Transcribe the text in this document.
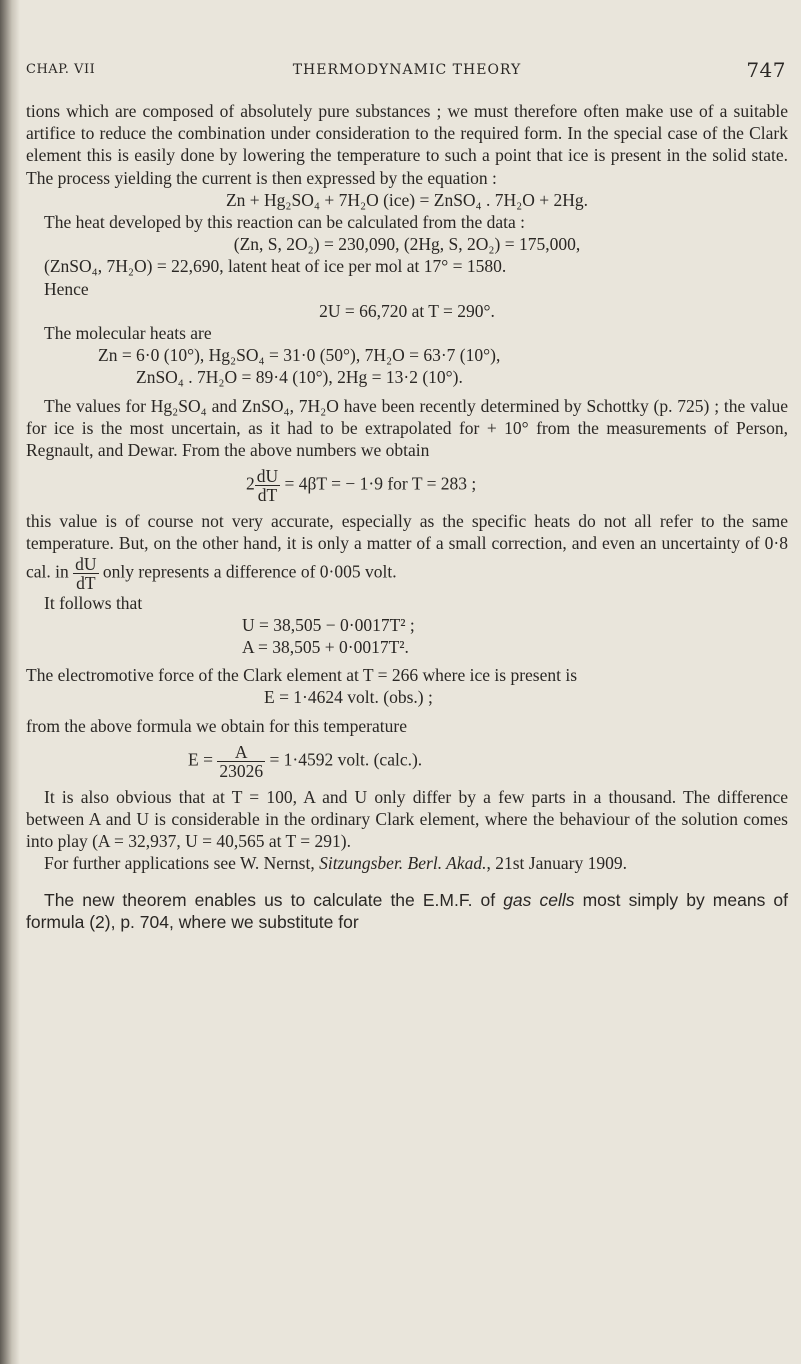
CHAP. VII	THERMODYNAMIC THEORY	747

tions which are composed of absolutely pure substances ; we must therefore often make use of a suitable artifice to reduce the combination under consideration to the required form. In the special case of the Clark element this is easily done by lowering the temperature to such a point that ice is present in the solid state. The process yielding the current is then expressed by the equation :

Zn + Hg₂SO₄ + 7H₂O (ice) = ZnSO₄ . 7H₂O + 2Hg.

The heat developed by this reaction can be calculated from the data :

(Zn, S, 2O₂) = 230,090, (2Hg, S, 2O₂) = 175,000,

(ZnSO₄, 7H₂O) = 22,690, latent heat of ice per mol at 17° = 1580.

Hence

2U = 66,720 at T = 290°.

The molecular heats are

Zn = 6·0 (10°), Hg₂SO₄ = 31·0 (50°), 7H₂O = 63·7 (10°),

ZnSO₄ . 7H₂O = 89·4 (10°), 2Hg = 13·2 (10°).

The values for Hg₂SO₄ and ZnSO₄, 7H₂O have been recently determined by Schottky (p. 725) ; the value for ice is the most uncertain, as it had to be extrapolated for + 10° from the measurements of Person, Regnault, and Dewar. From the above numbers we obtain

$2 \frac{dU}{dT} = 4\beta T$ = − 1·9 for T = 283 ;

this value is of course not very accurate, especially as the specific heats do not all refer to the same temperature. But, on the other hand, it is only a matter of a small correction, and even an uncertainty of 0·8 cal. in $\frac{dU}{dT}$ only represents a difference of 0·005 volt.

It follows that

U = 38,505 − 0·0017T² ;

A = 38,505 + 0·0017T².

The electromotive force of the Clark element at T = 266 where ice is present is

E = 1·4624 volt. (obs.) ;

from the above formula we obtain for this temperature

$E = \frac{A}{23026} = 1\cdot 4592$ volt. (calc.).

It is also obvious that at T = 100, A and U only differ by a few parts in a thousand. The difference between A and U is considerable in the ordinary Clark element, where the behaviour of the solution comes into play (A = 32,937, U = 40,565 at T = 291).

For further applications see W. Nernst, Sitzungsber. Berl. Akad., 21st January 1909.

The new theorem enables us to calculate the E.M.F. of gas cells most simply by means of formula (2), p. 704, where we substitute for
